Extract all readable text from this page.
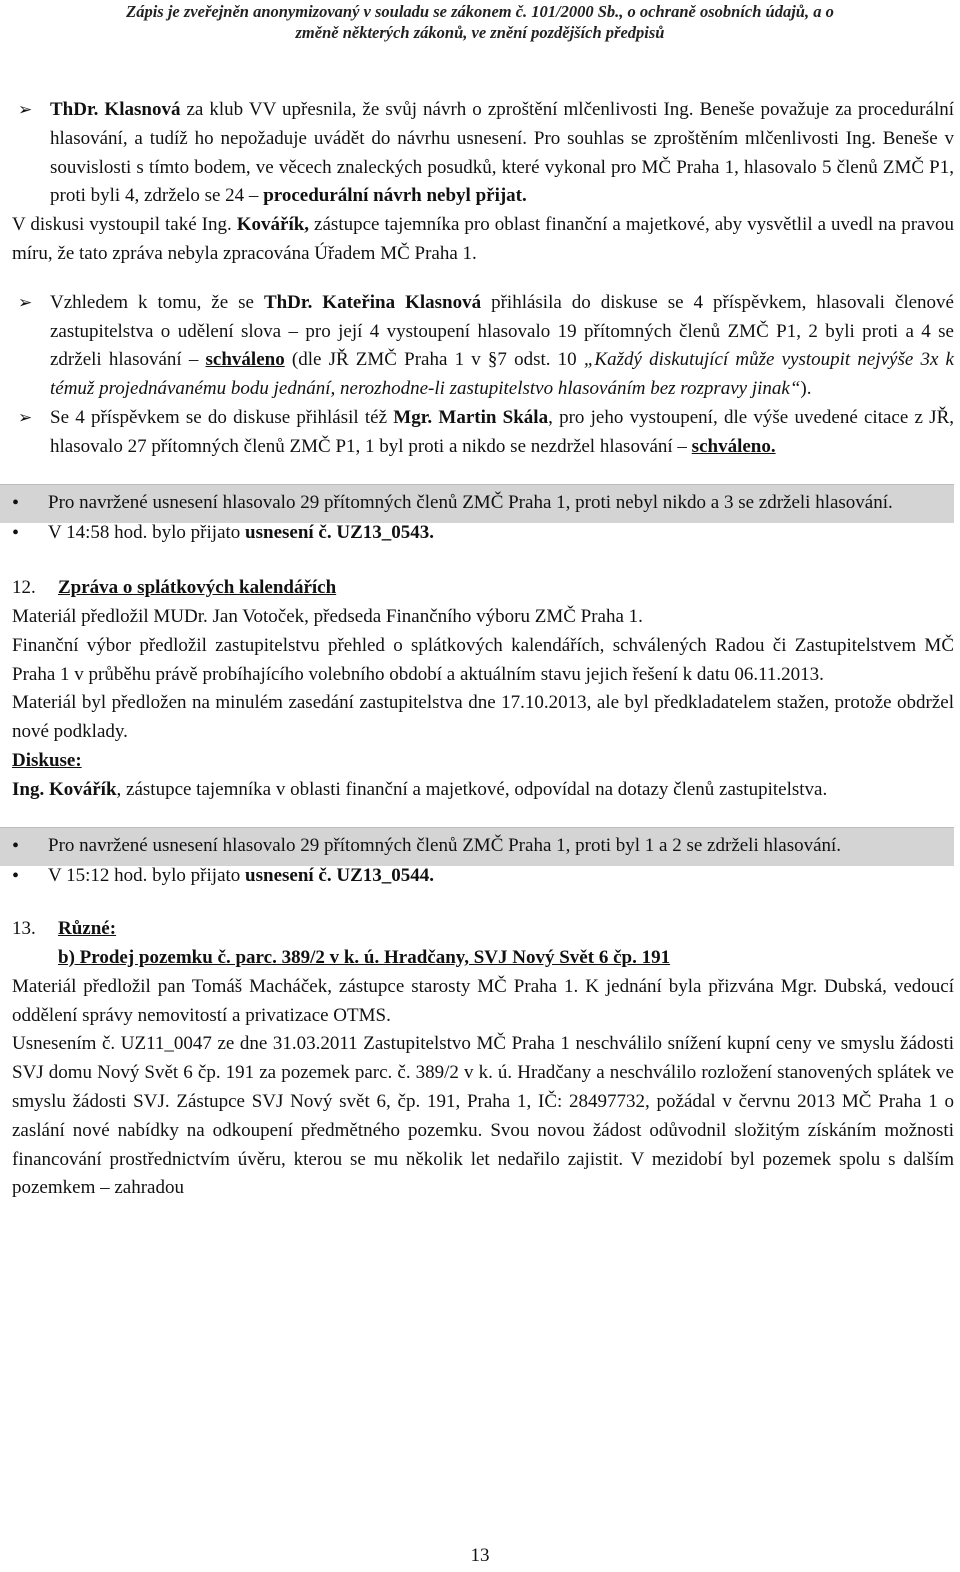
Zápis je zveřejněn anonymizovaný v souladu se zákonem č. 101/2000 Sb., o ochraně osobních údajů, a o
změně některých zákonů, ve znění pozdějších předpisů
➢ ThDr. Klasnová za klub VV upřesnila, že svůj návrh o zproštění mlčenlivosti Ing. Beneše považuje za procedurální hlasování, a tudíž ho nepožaduje uvádět do návrhu usnesení. Pro souhlas se zproštěním mlčenlivosti Ing. Beneše v souvislosti s tímto bodem, ve věcech znaleckých posudků, které vykonal pro MČ Praha 1, hlasovalo 5 členů ZMČ P1, proti byli 4, zdrželo se 24 – procedurální návrh nebyl přijat.

V diskusi vystoupil také Ing. Kovářík, zástupce tajemníka pro oblast finanční a majetkové, aby vysvětlil a uvedl na pravou míru, že tato zpráva nebyla zpracována Úřadem MČ Praha 1.

➢ Vzhledem k tomu, že se ThDr. Kateřina Klasnová přihlásila do diskuse se 4 příspěvkem, hlasovali členové zastupitelstva o udělení slova – pro její 4 vystoupení hlasovalo 19 přítomných členů ZMČ P1, 2 byli proti a 4 se zdrželi hlasování – schváleno (dle JŘ ZMČ Praha 1 v §7 odst. 10 „Každý diskutující může vystoupit nejvýše 3x k témuž projednávanému bodu jednání, nerozhodne-li zastupitelstvo hlasováním bez rozpravy jinak“).
➢ Se 4 příspěvkem se do diskuse přihlásil též Mgr. Martin Skála, pro jeho vystoupení, dle výše uvedené citace z JŘ, hlasovalo 27 přítomných členů ZMČ P1, 1 byl proti a nikdo se nezdržel hlasování – schváleno.
• Pro navržené usnesení hlasovalo 29 přítomných členů ZMČ Praha 1, proti nebyl nikdo a 3 se zdrželi hlasování.
• V 14:58 hod. bylo přijato usnesení č. UZ13_0543.

12. Zpráva o splátkových kalendářích

Materiál předložil MUDr. Jan Votoček, předseda Finančního výboru ZMČ Praha 1.

Finanční výbor předložil zastupitelstvu přehled o splátkových kalendářích, schválených Radou či Zastupitelstvem MČ Praha 1 v průběhu právě probíhajícího volebního období a aktuálním stavu jejich řešení k datu 06.11.2013.

Materiál byl předložen na minulém zasedání zastupitelstva dne 17.10.2013, ale byl předkladatelem stažen, protože obdržel nové podklady.

Diskuse:

Ing. Kovářík, zástupce tajemníka v oblasti finanční a majetkové, odpovídal na dotazy členů zastupitelstva.

• Pro navržené usnesení hlasovalo 29 přítomných členů ZMČ Praha 1, proti byl 1 a 2 se zdrželi hlasování.
• V 15:12 hod. bylo přijato usnesení č. UZ13_0544.

13. Různé:

b) Prodej pozemku č. parc. 389/2 v k. ú. Hradčany, SVJ Nový Svět 6 čp. 191

Materiál předložil pan Tomáš Macháček, zástupce starosty MČ Praha 1. K jednání byla přizvána Mgr. Dubská, vedoucí oddělení správy nemovitostí a privatizace OTMS.

Usnesením č. UZ11_0047 ze dne 31.03.2011 Zastupitelstvo MČ Praha 1 neschválilo snížení kupní ceny ve smyslu žádosti SVJ domu Nový Svět 6 čp. 191 za pozemek parc. č. 389/2 v k. ú. Hradčany a neschválilo rozložení stanovených splátek ve smyslu žádosti SVJ. Zástupce SVJ Nový svět 6, čp. 191, Praha 1, IČ: 28497732, požádal v červnu 2013 MČ Praha 1 o zaslání nové nabídky na odkoupení předmětného pozemku. Svou novou žádost odůvodnil složitým získáním možnosti financování prostřednictvím úvěru, kterou se mu několik let nedařilo zajistit. V mezidobí byl pozemek spolu s dalším pozemkem – zahradou

13
